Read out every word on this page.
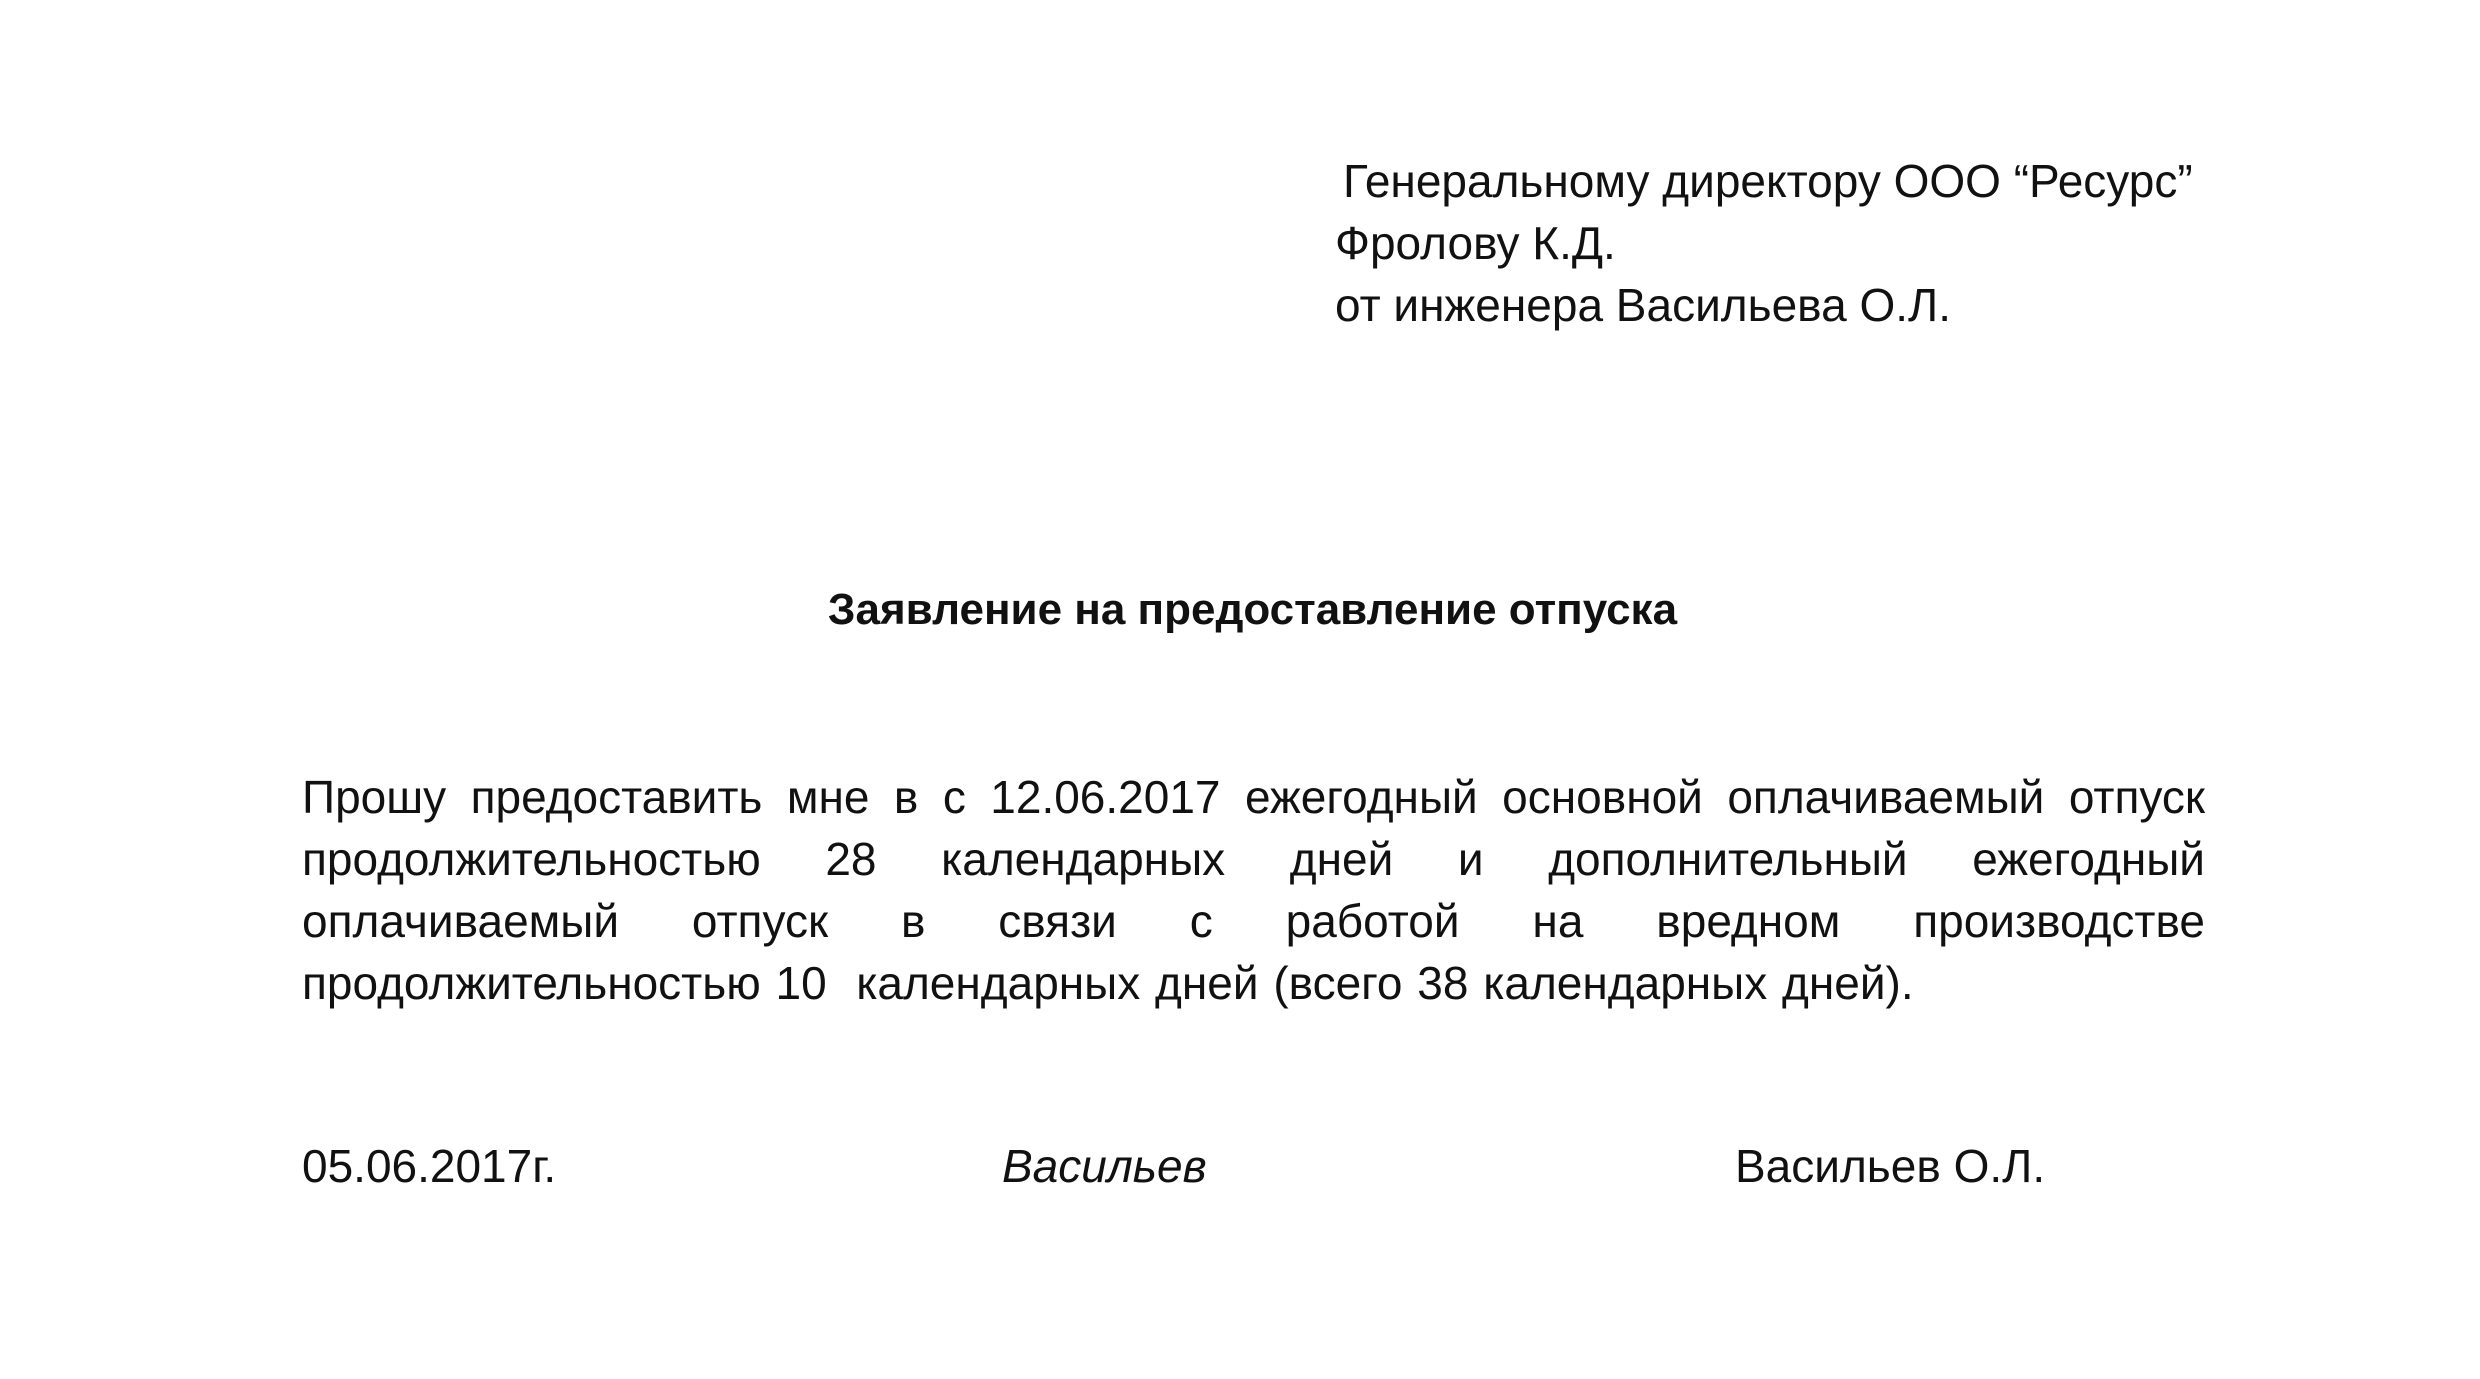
Генеральному директору ООО “Ресурс”
Фролову К.Д.
от инженера Васильева О.Л.
Заявление на предоставление отпуска
Прошу предоставить мне в с 12.06.2017 ежегодный основной оплачиваемый отпуск
продолжительностью 28 календарных дней и дополнительный ежегодный
оплачиваемый отпуск в связи с работой на вредном производстве
продолжительностью 10  календарных дней (всего 38 календарных дней).
05.06.2017г.	Васильев	Васильев О.Л.
